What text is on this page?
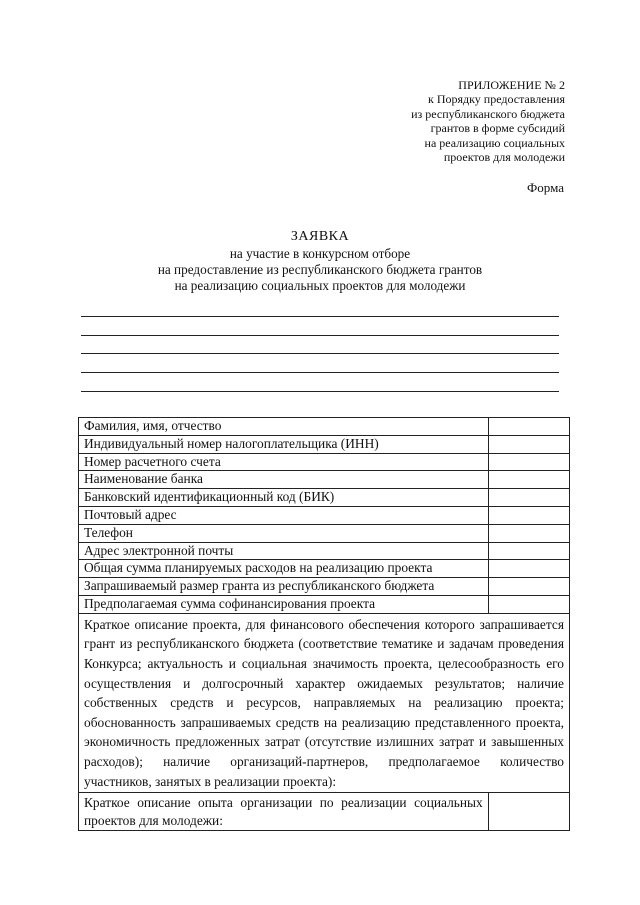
ПРИЛОЖЕНИЕ № 2
к Порядку предоставления
из республиканского бюджета
грантов в форме субсидий
на реализацию социальных
проектов для молодежи
Форма
ЗАЯВКА
на участие в конкурсном отборе
на предоставление из республиканского бюджета грантов
на реализацию социальных проектов для молодежи
Фамилия, имя, отчество	
Индивидуальный номер налогоплательщика (ИНН)	
Номер расчетного счета	
Наименование банка	
Банковский идентификационный код (БИК)	
Почтовый адрес	
Телефон	
Адрес электронной почты	
Общая сумма планируемых расходов на реализацию проекта	
Запрашиваемый размер гранта из республиканского бюджета	
Предполагаемая сумма софинансирования проекта	
Краткое описание проекта, для финансового обеспечения которого запрашивается грант из республиканского бюджета (соответствие тематике и задачам проведения Конкурса; актуальность и социальная значимость проекта, целесообразность его осуществления и долгосрочный характер ожидаемых результатов; наличие собственных средств и ресурсов, направляемых на реализацию проекта; обоснованность запрашиваемых средств на реализацию представленного проекта, экономичность предложенных затрат (отсутствие излишних затрат и завышенных расходов); наличие организаций-партнеров, предполагаемое количество участников, занятых в реализации проекта):	
Краткое описание опыта организации по реализации социальных проектов для молодежи:	
